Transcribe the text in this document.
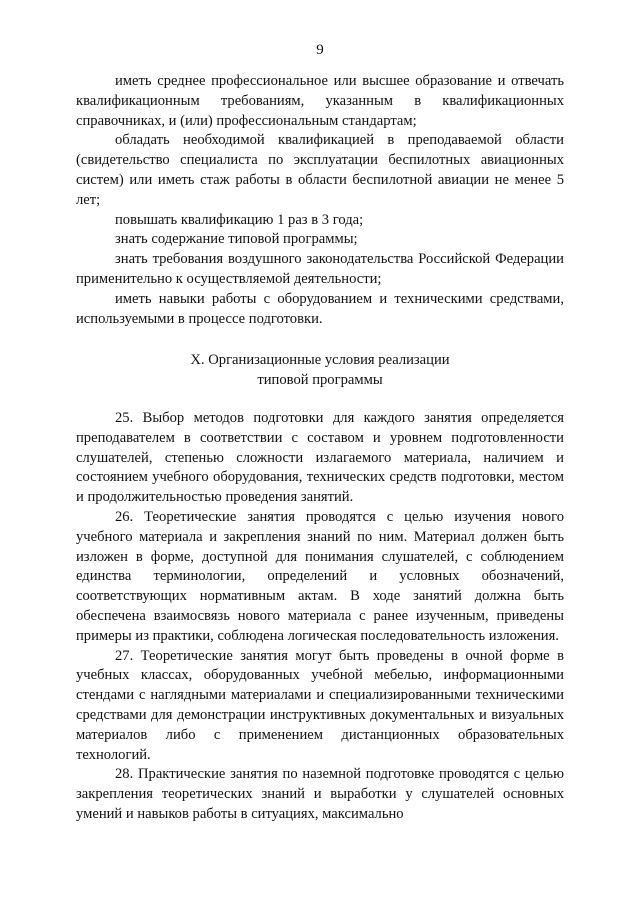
9

иметь среднее профессиональное или высшее образование и отвечать квалификационным требованиям, указанным в квалификационных справочниках, и (или) профессиональным стандартам;

обладать необходимой квалификацией в преподаваемой области (свидетельство специалиста по эксплуатации беспилотных авиационных систем) или иметь стаж работы в области беспилотной авиации не менее 5 лет;

повышать квалификацию 1 раз в 3 года;

знать содержание типовой программы;

знать требования воздушного законодательства Российской Федерации применительно к осуществляемой деятельности;

иметь навыки работы с оборудованием и техническими средствами, используемыми в процессе подготовки.

X. Организационные условия реализации
типовой программы

25. Выбор методов подготовки для каждого занятия определяется преподавателем в соответствии с составом и уровнем подготовленности слушателей, степенью сложности излагаемого материала, наличием и состоянием учебного оборудования, технических средств подготовки, местом и продолжительностью проведения занятий.

26. Теоретические занятия проводятся с целью изучения нового учебного материала и закрепления знаний по ним. Материал должен быть изложен в форме, доступной для понимания слушателей, с соблюдением единства терминологии, определений и условных обозначений, соответствующих нормативным актам. В ходе занятий должна быть обеспечена взаимосвязь нового материала с ранее изученным, приведены примеры из практики, соблюдена логическая последовательность изложения.

27. Теоретические занятия могут быть проведены в очной форме в учебных классах, оборудованных учебной мебелью, информационными стендами с наглядными материалами и специализированными техническими средствами для демонстрации инструктивных документальных и визуальных материалов либо с применением дистанционных образовательных технологий.

28. Практические занятия по наземной подготовке проводятся с целью закрепления теоретических знаний и выработки у слушателей основных умений и навыков работы в ситуациях, максимально
